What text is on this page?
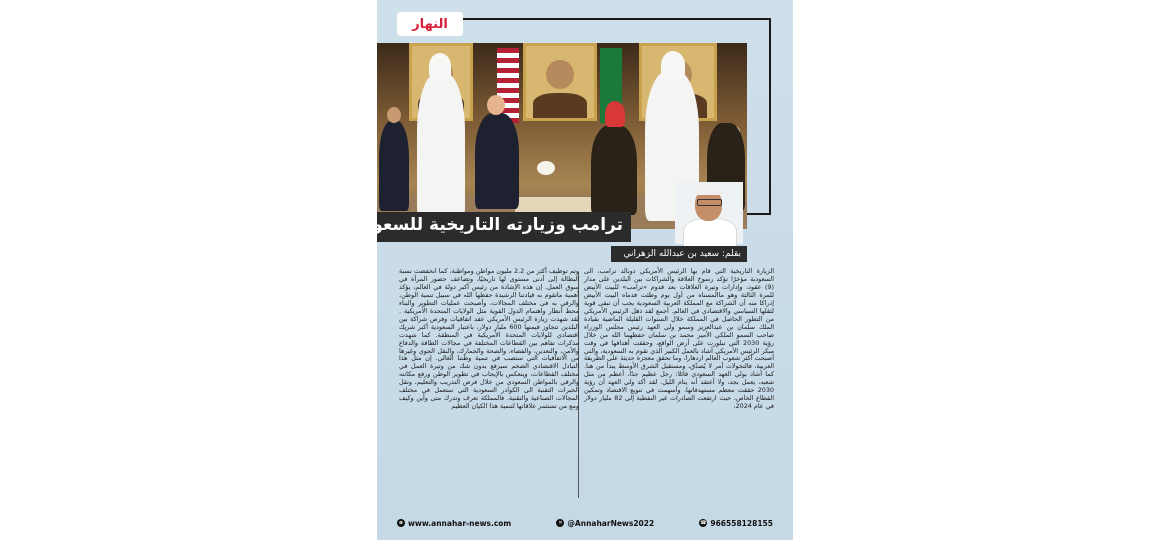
النهار
ترامب وزيارته التاريخية للسعودية
بقلم: سعيد بن عبدالله الزهراني

الزيارة التاريخية التي قام بها الرئيس الأمريكي دونالد ترامب، الى السعودية مؤخرًا تؤكد رسوخ العلاقة والشراكات بين البلدين على مدار (9) عقود، وإدارات وتيرة العلاقات بعد قدوم «ترامب» للبيت الأبيض للمرة الثالثة وهو ماالمسناه من أول يوم وطئت قدماه البيت الأبيض إدراكا منه أن الشراكة مع المملكة العربية السعودية يجب أن تبقى قوية لثقلها السياسي والاقتصادي في العالم. أجمع لقد ذهل الرئيس الأمريكي من التطور الحاصل في المملكة خلال السنوات القليلة الماضية بقيادة الملك سلمان بن عبدالعزيز وسمو ولي العهد رئيس مجلس الوزراء صاحب السمو الملكي الأمير محمد بن سلمان حفظهما الله من خلال رؤية 2030 التي تبلورت على أرض الواقع، وحققت أهدافها في وقت مبكر الرئيس الأمريكي أشاد بالعمل الكبير الذي تقوم به السعودية، والتي أصبحت أكثر شعوب العالم ازدهارا، وما تحقق معجزة حديثة على الطريقة العربية، فالتحولات أمر لا يُصدّق، ومستقبل الشرق الأوسط يبدأ من هنا. كما أشاد بولي العهد السعودي قائلا: رجل عظيم جدًا، أعظم من مثل شعبه، يعمل بجد، ولا أعتقد أنه ينام الليل. لقد أكد ولي العهد أن رؤية 2030 حققت معظم مستهدفاتها، وأسهمت في تنويع الاقتصاد وتمكين القطاع الخاص، حيث ارتفعت الصادرات غير النفطية إلى 82 مليار دولار في عام 2024،

وتم توظيف أكثر من 2.2 مليون مواطن ومواطنة، كما انخفضت نسبة البطالة إلى أدنى مستوى لها تاريخيًا، وتضاعف حضور المرأة في سوق العمل. إن هذه الإشادة من رئيس أكبر دولة في العالم، يؤكد أهمية ماتقوم به قيادتنا الرشيدة حفظها الله في سبيل تنمية الوطن، والرقي به في مختلف المجالات، وأصبحت عمليات التطوير والبناء محط أنظار واهتمام الدول القوية مثل الولايات المتحدة الأمريكية . لقد شهدت زيارة الرئيس الأمريكي عقد اتفاقيات وفرص شراكة بين البلدين تتجاوز قيمتها 600 مليار دولار، باعتبار السعودية أكبر شريك اقتصادي للولايات المتحدة الأمريكية في المنطقة. كما شهدت مذكرات تفاهم بين القطاعات المختلفة في مجالات الطاقة والدفاع والأمن، والتعدين، والفضاء، والصحة والجمارك، والنقل الجوي وغيرها من الاتفاقيات التي ستصب في تنمية وطننا الغالي. إن مثل هذا التبادل الاقتصادي الضخم سيرفع بدون شك من وتيرة العمل في مختلف القطاعات، وينعكس بالإيجاب في تطوير الوطن ورفع مكانته والرقي بالمواطن السعودي من خلال فرص التدريب والتعليم، ونقل الخبرات التقنية الى الكوادر السعودية التي ستعمل في مختلف المجالات الصناعية والتقنية. فالمملكة تعرف وتدرك متى وأين وكيف ومع من تستثمر علاقاتها لتنمية هذا الكيان العظيم

⊕ www.annahar-news.com	✕ @AnnaharNews2022	☎ 966558128155
